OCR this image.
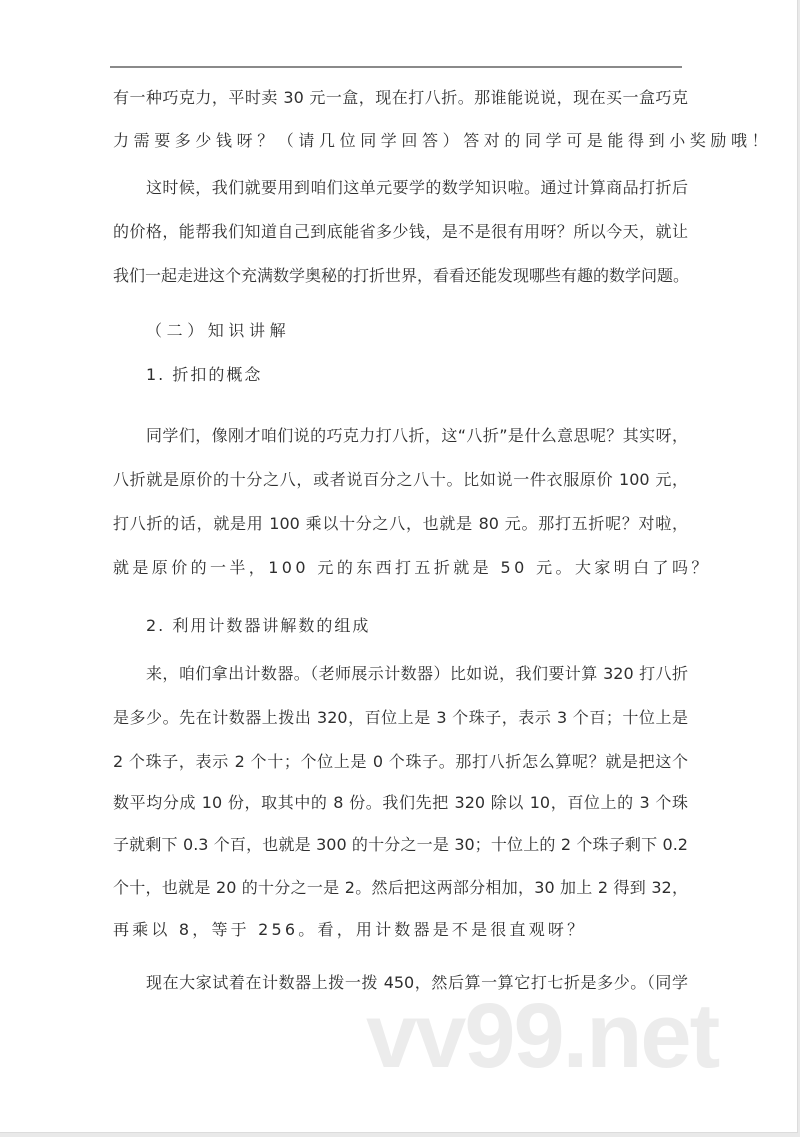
有一种巧克力，平时卖 30 元一盒，现在打八折。那谁能说说，现在买一盒巧克
力需要多少钱呀？（请几位同学回答）答对的同学可是能得到小奖励哦！
这时候，我们就要用到咱们这单元要学的数学知识啦。通过计算商品打折后
的价格，能帮我们知道自己到底能省多少钱，是不是很有用呀？所以今天，就让
我们一起走进这个充满数学奥秘的打折世界，看看还能发现哪些有趣的数学问题。
（二）知识讲解
1. 折扣的概念
同学们，像刚才咱们说的巧克力打八折，这“八折”是什么意思呢？其实呀，
八折就是原价的十分之八，或者说百分之八十。比如说一件衣服原价 100 元，
打八折的话，就是用 100 乘以十分之八，也就是 80 元。那打五折呢？对啦，
就是原价的一半，100 元的东西打五折就是 50 元。大家明白了吗？
2. 利用计数器讲解数的组成
来，咱们拿出计数器。（老师展示计数器）比如说，我们要计算 320 打八折
是多少。先在计数器上拨出 320，百位上是 3 个珠子，表示 3 个百；十位上是
2 个珠子，表示 2 个十；个位上是 0 个珠子。那打八折怎么算呢？就是把这个
数平均分成 10 份，取其中的 8 份。我们先把 320 除以 10，百位上的 3 个珠
子就剩下 0.3 个百，也就是 300 的十分之一是 30；十位上的 2 个珠子剩下 0.2
个十，也就是 20 的十分之一是 2。然后把这两部分相加，30 加上 2 得到 32，
再乘以 8，等于 256。看，用计数器是不是很直观呀？
现在大家试着在计数器上拨一拨 450，然后算一算它打七折是多少。（同学
vv99.net
